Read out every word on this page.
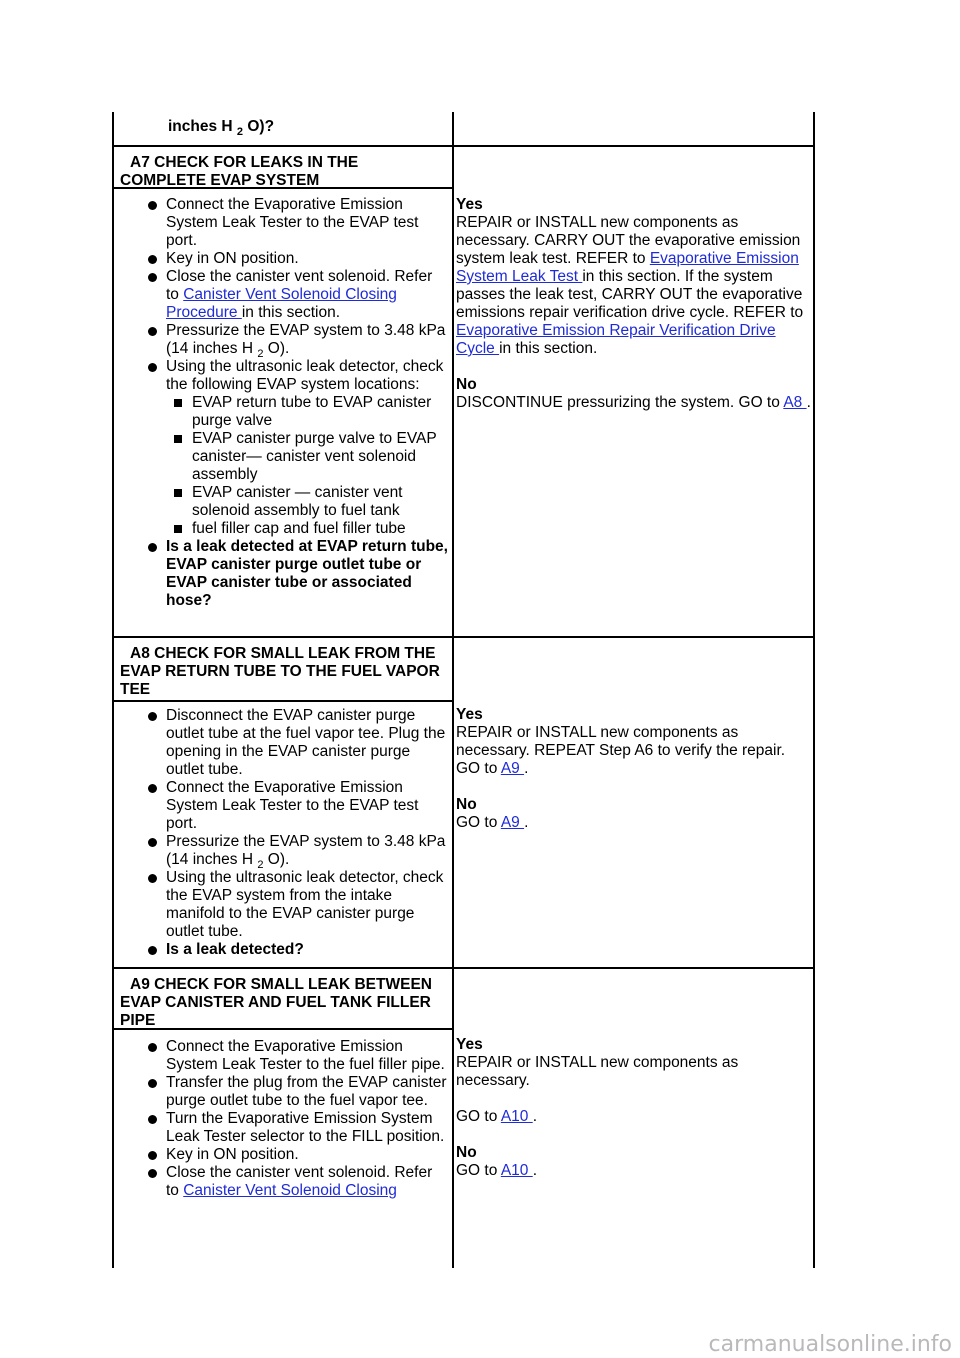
inches H $_2$ O)?
A7 CHECK FOR LEAKS IN THE
COMPLETE EVAP SYSTEM
Connect the Evaporative Emission System Leak Tester to the EVAP test port.
Key in ON position.
Close the canister vent solenoid. Refer to Canister Vent Solenoid Closing Procedure in this section.
Pressurize the EVAP system to 3.48 kPa (14 inches H $_2$ O).
Using the ultrasonic leak detector, check the following EVAP system locations:
EVAP return tube to EVAP canister purge valve
EVAP canister purge valve to EVAP canister— canister vent solenoid assembly
EVAP canister — canister vent solenoid assembly to fuel tank
fuel filler cap and fuel filler tube
Is a leak detected at EVAP return tube, EVAP canister purge outlet tube or EVAP canister tube or associated hose?
Yes
REPAIR or INSTALL new components as necessary. CARRY OUT the evaporative emission system leak test. REFER to Evaporative Emission System Leak Test in this section. If the system passes the leak test, CARRY OUT the evaporative emissions repair verification drive cycle. REFER to Evaporative Emission Repair Verification Drive Cycle in this section.
No
DISCONTINUE pressurizing the system. GO to A8 .
A8 CHECK FOR SMALL LEAK FROM THE
EVAP RETURN TUBE TO THE FUEL VAPOR TEE
Disconnect the EVAP canister purge outlet tube at the fuel vapor tee. Plug the opening in the EVAP canister purge outlet tube.
Connect the Evaporative Emission System Leak Tester to the EVAP test port.
Pressurize the EVAP system to 3.48 kPa (14 inches H $_2$ O).
Using the ultrasonic leak detector, check the EVAP system from the intake manifold to the EVAP canister purge outlet tube.
Is a leak detected?
Yes
REPAIR or INSTALL new components as necessary. REPEAT Step A6 to verify the repair. GO to A9 .
No
GO to A9 .
A9 CHECK FOR SMALL LEAK BETWEEN
EVAP CANISTER AND FUEL TANK FILLER PIPE
Connect the Evaporative Emission System Leak Tester to the fuel filler pipe.
Transfer the plug from the EVAP canister purge outlet tube to the fuel vapor tee.
Turn the Evaporative Emission System Leak Tester selector to the FILL position.
Key in ON position.
Close the canister vent solenoid. Refer to Canister Vent Solenoid Closing
Yes
REPAIR or INSTALL new components as necessary.
GO to A10 .
No
GO to A10 .
carmanualsonline.info
